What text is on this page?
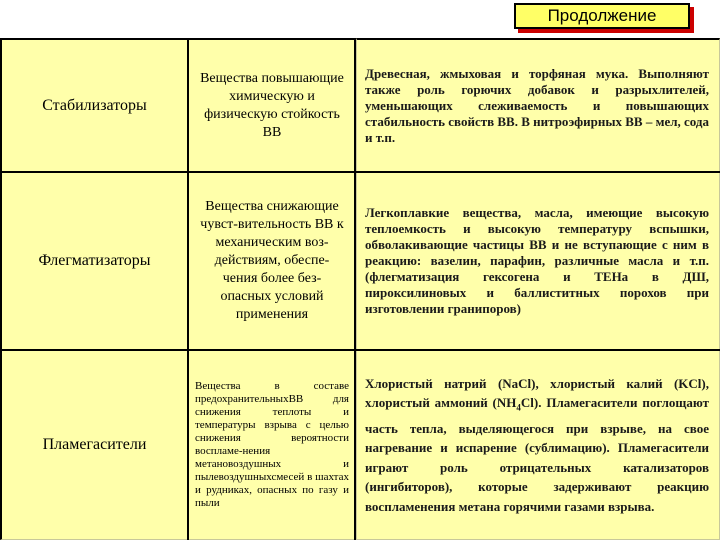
Продолжение
Стабилизаторы
Вещества повышающие химическую и физическую стойкость ВВ
Древесная, жмыховая и торфяная мука. Выполняют также роль горючих добавок и разрыхлителей, уменьшающих слеживаемость и повышающих стабильность свойств ВВ. В нитроэфирных ВВ – мел, сода и т.п.
Флегматизаторы
Вещества снижающие чувст-вительность ВВ к механическим воз-действиям, обеспе-чения более без-опасных условий применения
Легкоплавкие вещества, масла, имеющие высокую теплоемкость и высокую температуру вспышки, обволакивающие частицы ВВ и не вступающие с ним в реакцию: вазелин, парафин, различные масла и т.п. (флегматизация гексогена и ТЕНа в ДШ, пироксилиновых и баллиститных порохов при изготовлении гранипоров)
Пламегасители
Вещества в составе предохранительныхВВ для снижения теплоты и температуры взрыва с целью снижения вероятности воспламе-нения метановоздушных и пылевоздушныхсмесей в шахтах и рудниках, опасных по газу и пыли
Хлористый натрий (NaCl), хлористый калий (KCl), хлористый аммоний $(NH_4Cl)$. Пламегасители поглощают часть тепла, выделяющегося при взрыве, на свое нагревание и испарение (сублимацию). Пламегасители играют роль отрицательных катализаторов (ингибиторов), которые задерживают реакцию воспламенения метана горячими газами взрыва.
